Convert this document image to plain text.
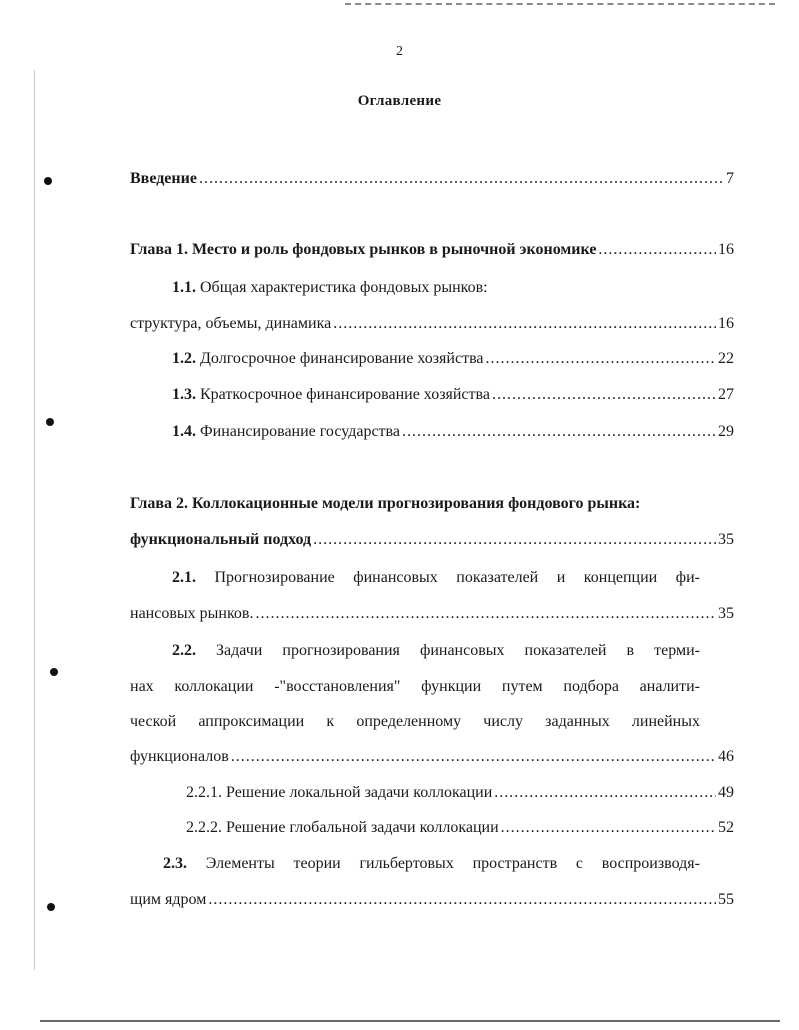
2
Оглавление
Введение .....	7
Глава 1. Место и роль фондовых рынков в рыночной экономике .....	16
1.1. Общая характеристика фондовых рынков:
структура, объемы, динамика .....	16
1.2. Долгосрочное финансирование хозяйства .....	22
1.3. Краткосрочное финансирование хозяйства .....	27
1.4. Финансирование государства .....	29
Глава 2. Коллокационные модели прогнозирования фондового рынка:
функциональный подход .....	35
2.1. Прогнозирование финансовых показателей и концепции фи-
нансовых рынков. .....	35
2.2. Задачи прогнозирования финансовых показателей в терми-
нах коллокации -"восстановления" функции путем подбора аналити-
ческой аппроксимации к определенному числу заданных линейных
функционалов .....	46
2.2.1. Решение локальной задачи коллокации .....	49
2.2.2. Решение глобальной задачи коллокации .....	52
2.3. Элементы теории гильбертовых пространств с воспроизводя-
щим ядром .....	55
